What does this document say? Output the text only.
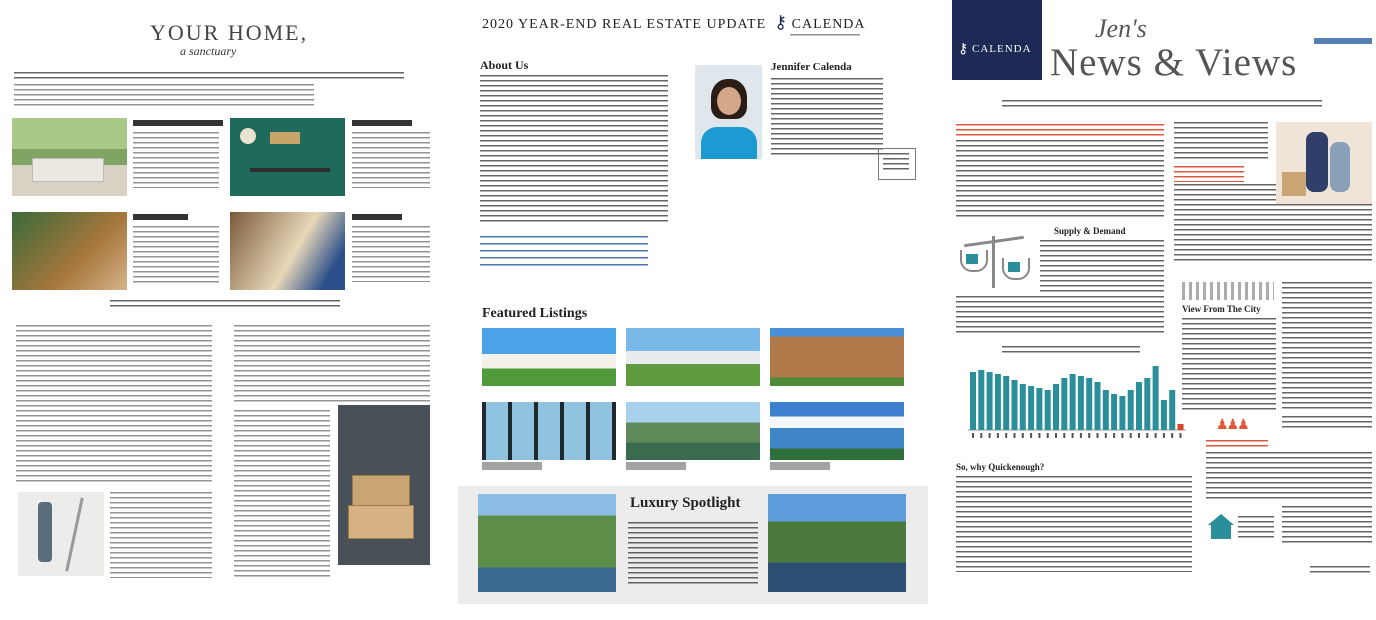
YOUR HOME,
a sanctuary
2020 YEAR-END REAL ESTATE UPDATE ⚷ CALENDA
About Us	Jennifer Calenda
Featured Listings
Luxury Spotlight
⚷ CALENDA
Jen's
News & Views
Supply & Demand
View From The City
♟♟♟
So, why Quickenough?
